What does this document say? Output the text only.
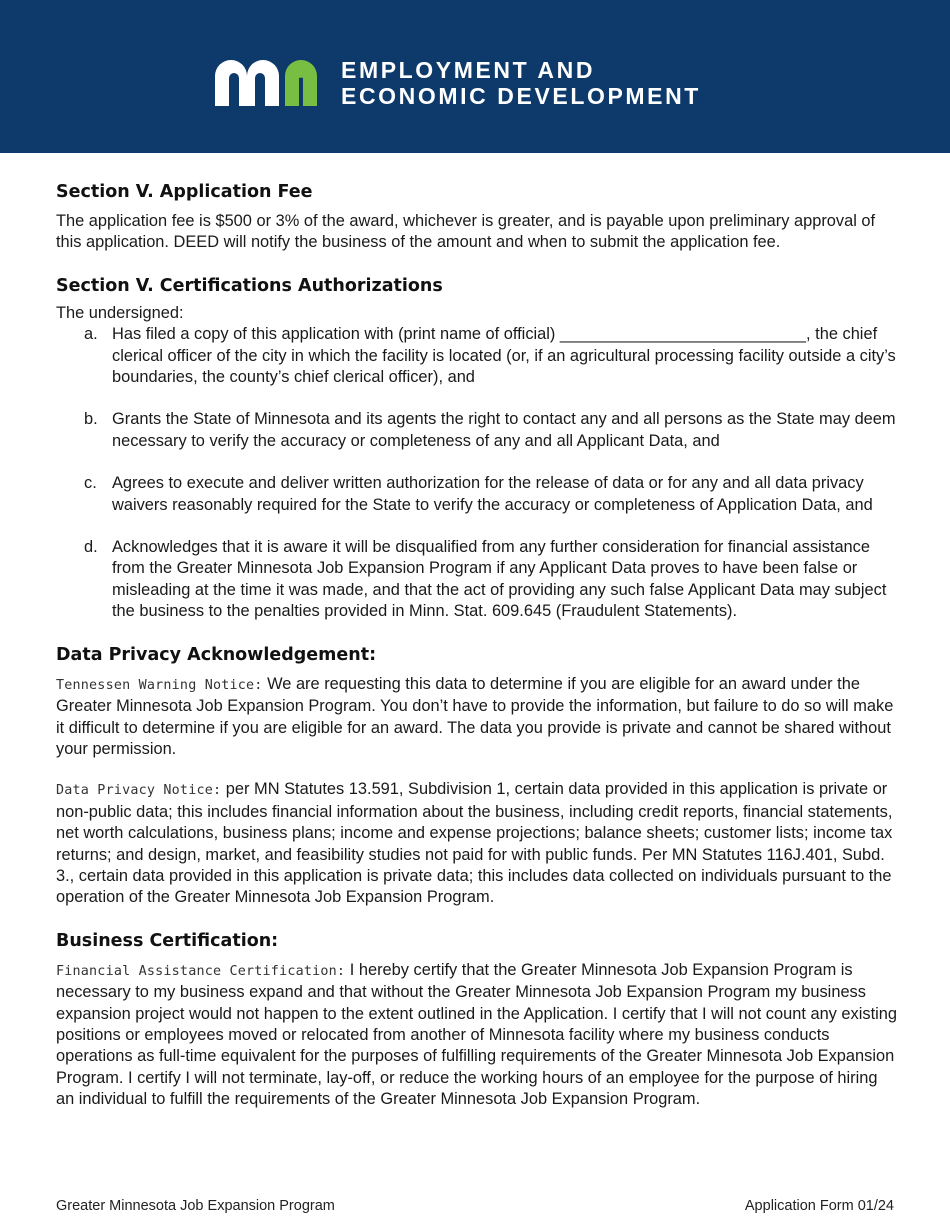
EMPLOYMENT AND
ECONOMIC DEVELOPMENT
Section V. Application Fee

The application fee is $500 or 3% of the award, whichever is greater, and is payable upon preliminary approval of this application. DEED will notify the business of the amount and when to submit the application fee.

Section V. Certifications Authorizations

The undersigned:

a. Has filed a copy of this application with (print name of official) ___________________________, the chief clerical officer of the city in which the facility is located (or, if an agricultural processing facility outside a city’s boundaries, the county’s chief clerical officer), and
b. Grants the State of Minnesota and its agents the right to contact any and all persons as the State may deem necessary to verify the accuracy or completeness of any and all Applicant Data, and
c. Agrees to execute and deliver written authorization for the release of data or for any and all data privacy waivers reasonably required for the State to verify the accuracy or completeness of Application Data, and
d. Acknowledges that it is aware it will be disqualified from any further consideration for financial assistance from the Greater Minnesota Job Expansion Program if any Applicant Data proves to have been false or misleading at the time it was made, and that the act of providing any such false Applicant Data may subject the business to the penalties provided in Minn. Stat. 609.645 (Fraudulent Statements).
Data Privacy Acknowledgement:

Tennessen Warning Notice: We are requesting this data to determine if you are eligible for an award under the Greater Minnesota Job Expansion Program. You don’t have to provide the information, but failure to do so will make it difficult to determine if you are eligible for an award. The data you provide is private and cannot be shared without your permission.

Data Privacy Notice: per MN Statutes 13.591, Subdivision 1, certain data provided in this application is private or non-public data; this includes financial information about the business, including credit reports, financial statements, net worth calculations, business plans; income and expense projections; balance sheets; customer lists; income tax returns; and design, market, and feasibility studies not paid for with public funds. Per MN Statutes 116J.401, Subd. 3., certain data provided in this application is private data; this includes data collected on individuals pursuant to the operation of the Greater Minnesota Job Expansion Program.

Business Certification:

Financial Assistance Certification: I hereby certify that the Greater Minnesota Job Expansion Program is necessary to my business expand and that without the Greater Minnesota Job Expansion Program my business expansion project would not happen to the extent outlined in the Application. I certify that I will not count any existing positions or employees moved or relocated from another of Minnesota facility where my business conducts operations as full-time equivalent for the purposes of fulfilling requirements of the Greater Minnesota Job Expansion Program. I certify I will not terminate, lay-off, or reduce the working hours of an employee for the purpose of hiring an individual to fulfill the requirements of the Greater Minnesota Job Expansion Program.

Greater Minnesota Job Expansion Program	Application Form 01/24
